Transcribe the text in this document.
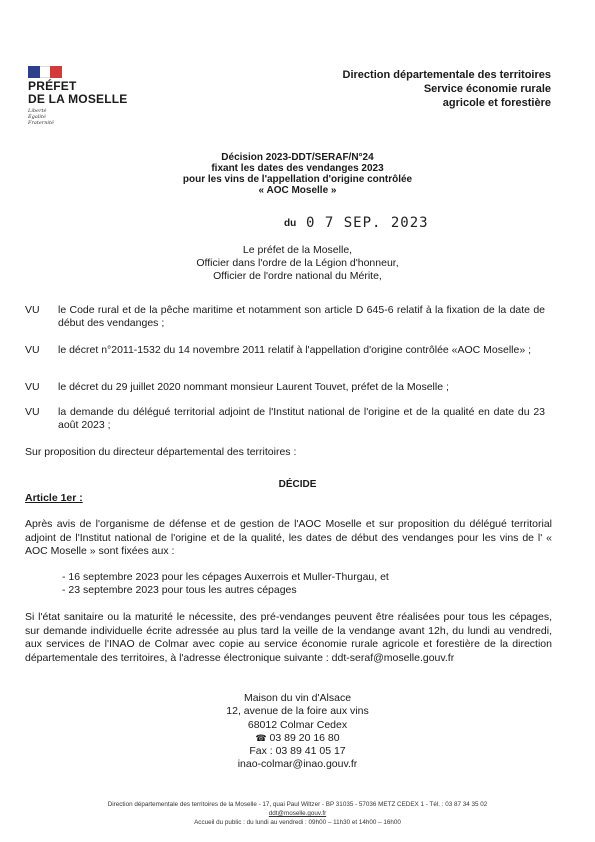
PRÉFET
DE LA MOSELLE
Liberté
Égalité
Fraternité
Direction départementale des territoires
Service économie rurale
agricole et forestière
Décision 2023-DDT/SERAF/N°24
fixant les dates des vendanges 2023
pour les vins de l'appellation d'origine contrôlée
« AOC Moselle »
du 0 7 SEP. 2023
Le préfet de la Moselle,
Officier dans l'ordre de la Légion d'honneur,
Officier de l'ordre national du Mérite,
VU le Code rural et de la pêche maritime et notamment son article D 645-6 relatif à la fixation de la date de début des vendanges ;
VU le décret n°2011-1532 du 14 novembre 2011 relatif à l'appellation d'origine contrôlée «AOC Moselle» ;
VU le décret du 29 juillet 2020 nommant monsieur Laurent Touvet, préfet de la Moselle ;
VU la demande du délégué territorial adjoint de l'Institut national de l'origine et de la qualité en date du 23 août 2023 ;
Sur proposition du directeur départemental des territoires :
DÉCIDE
Article 1er :
Après avis de l'organisme de défense et de gestion de l'AOC Moselle et sur proposition du délégué territorial adjoint de l'Institut national de l'origine et de la qualité, les dates de début des vendanges pour les vins de l' « AOC Moselle » sont fixées aux :
- 16 septembre 2023 pour les cépages Auxerrois et Muller-Thurgau, et
- 23 septembre 2023 pour tous les autres cépages
Si l'état sanitaire ou la maturité le nécessite, des pré-vendanges peuvent être réalisées pour tous les cépages, sur demande individuelle écrite adressée au plus tard la veille de la vendange avant 12h, du lundi au vendredi, aux services de l'INAO de Colmar avec copie au service économie rurale agricole et forestière de la direction départementale des territoires, à l'adresse électronique suivante : ddt-seraf@moselle.gouv.fr
Maison du vin d'Alsace
12, avenue de la foire aux vins
68012 Colmar Cedex
☎ 03 89 20 16 80
Fax : 03 89 41 05 17
inao-colmar@inao.gouv.fr
Direction départementale des territoires de la Moselle - 17, quai Paul Wiltzer - BP 31035 - 57036 METZ CEDEX 1 - Tél. : 03 87 34 35 02
ddt@moselle.gouv.fr
Accueil du public : du lundi au vendredi : 09h00 – 11h30 et 14h00 – 16h00
